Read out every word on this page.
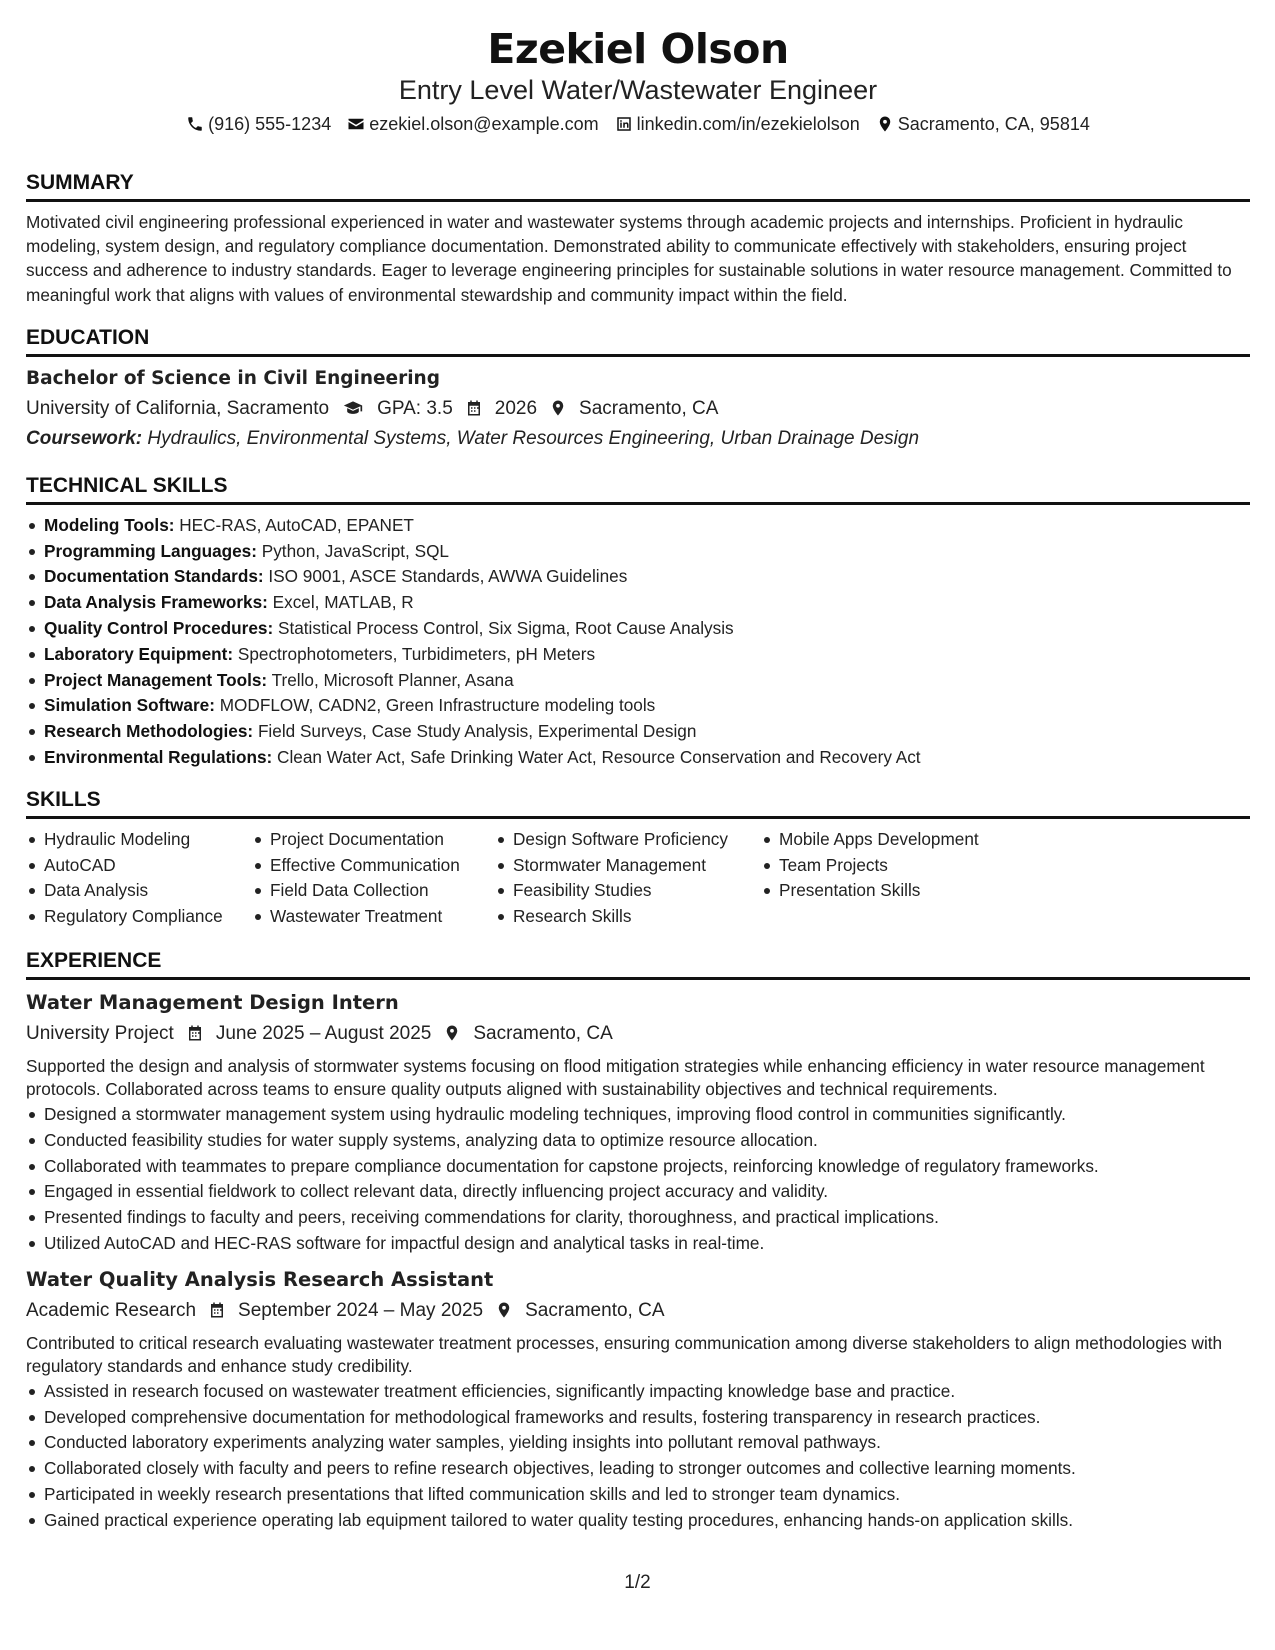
Ezekiel Olson
Entry Level Water/Wastewater Engineer
(916) 555-1234 ezekiel.olson@example.com linkedin.com/in/ezekielolson Sacramento, CA, 95814
SUMMARY
Motivated civil engineering professional experienced in water and wastewater systems through academic projects and internships. Proficient in hydraulic modeling, system design, and regulatory compliance documentation. Demonstrated ability to communicate effectively with stakeholders, ensuring project success and adherence to industry standards. Eager to leverage engineering principles for sustainable solutions in water resource management. Committed to meaningful work that aligns with values of environmental stewardship and community impact within the field.
EDUCATION
Bachelor of Science in Civil Engineering
University of California, Sacramento	GPA: 3.5 2026 Sacramento, CA
Coursework: Hydraulics, Environmental Systems, Water Resources Engineering, Urban Drainage Design
TECHNICAL SKILLS
Modeling Tools: HEC-RAS, AutoCAD, EPANET
Programming Languages: Python, JavaScript, SQL
Documentation Standards: ISO 9001, ASCE Standards, AWWA Guidelines
Data Analysis Frameworks: Excel, MATLAB, R
Quality Control Procedures: Statistical Process Control, Six Sigma, Root Cause Analysis
Laboratory Equipment: Spectrophotometers, Turbidimeters, pH Meters
Project Management Tools: Trello, Microsoft Planner, Asana
Simulation Software: MODFLOW, CADN2, Green Infrastructure modeling tools
Research Methodologies: Field Surveys, Case Study Analysis, Experimental Design
Environmental Regulations: Clean Water Act, Safe Drinking Water Act, Resource Conservation and Recovery Act
SKILLS
Hydraulic Modeling
AutoCAD
Data Analysis
Regulatory Compliance
Project Documentation
Effective Communication
Field Data Collection
Wastewater Treatment
Design Software Proficiency
Stormwater Management
Feasibility Studies
Research Skills
Mobile Apps Development
Team Projects
Presentation Skills
EXPERIENCE
Water Management Design Intern
University Project June 2025 – August 2025 Sacramento, CA
Supported the design and analysis of stormwater systems focusing on flood mitigation strategies while enhancing efficiency in water resource management protocols. Collaborated across teams to ensure quality outputs aligned with sustainability objectives and technical requirements.
Designed a stormwater management system using hydraulic modeling techniques, improving flood control in communities significantly.
Conducted feasibility studies for water supply systems, analyzing data to optimize resource allocation.
Collaborated with teammates to prepare compliance documentation for capstone projects, reinforcing knowledge of regulatory frameworks.
Engaged in essential fieldwork to collect relevant data, directly influencing project accuracy and validity.
Presented findings to faculty and peers, receiving commendations for clarity, thoroughness, and practical implications.
Utilized AutoCAD and HEC-RAS software for impactful design and analytical tasks in real-time.
Water Quality Analysis Research Assistant
Academic Research September 2024 – May 2025 Sacramento, CA
Contributed to critical research evaluating wastewater treatment processes, ensuring communication among diverse stakeholders to align methodologies with regulatory standards and enhance study credibility.
Assisted in research focused on wastewater treatment efficiencies, significantly impacting knowledge base and practice.
Developed comprehensive documentation for methodological frameworks and results, fostering transparency in research practices.
Conducted laboratory experiments analyzing water samples, yielding insights into pollutant removal pathways.
Collaborated closely with faculty and peers to refine research objectives, leading to stronger outcomes and collective learning moments.
Participated in weekly research presentations that lifted communication skills and led to stronger team dynamics.
Gained practical experience operating lab equipment tailored to water quality testing procedures, enhancing hands-on application skills.
1/2
